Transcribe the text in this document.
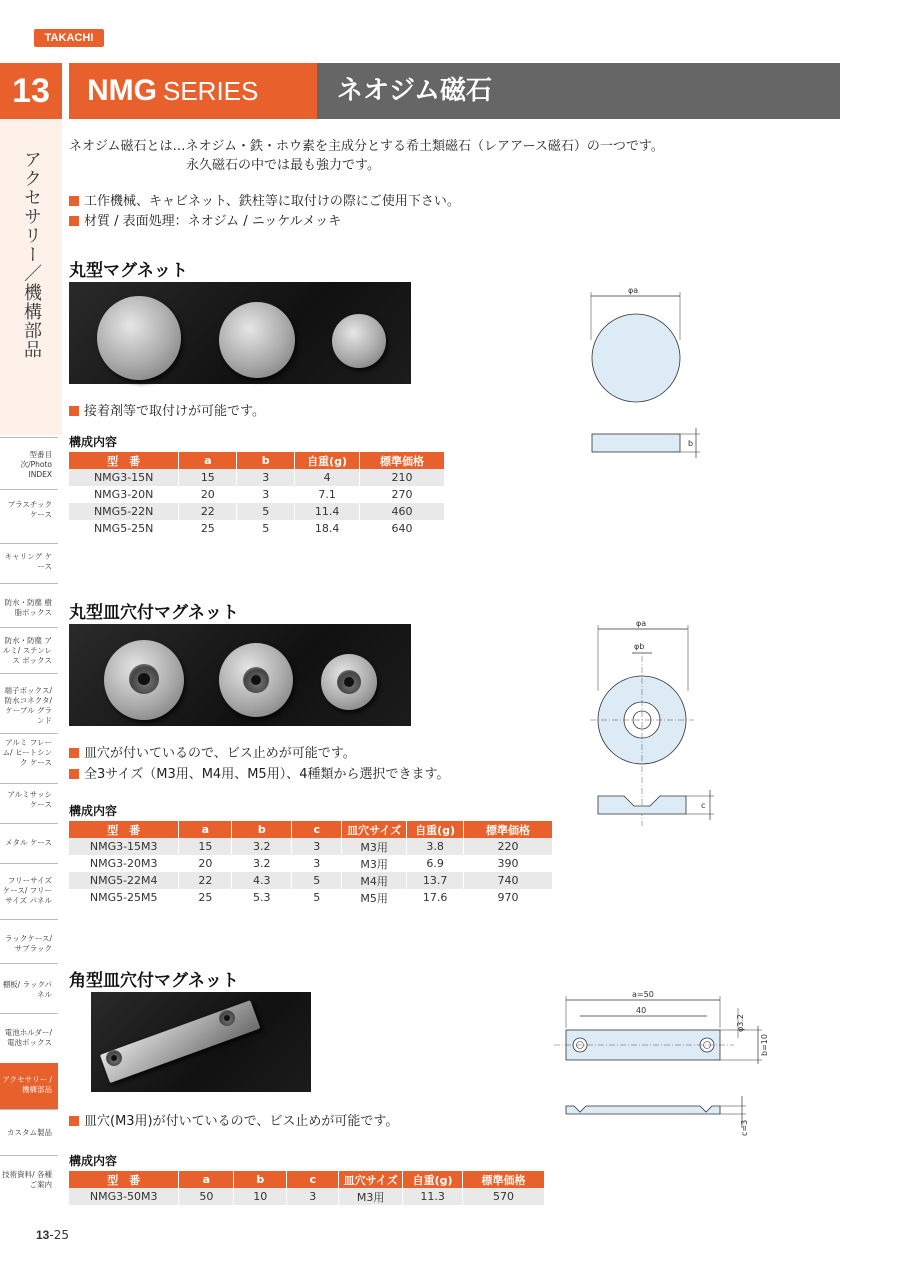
TAKACHI
13
アクセサリー／機構部品
NMG SERIES	ネオジム磁石
ネオジム磁石とは…ネオジム・鉄・ホウ素を主成分とする希土類磁石（レアアース磁石）の一つです。
永久磁石の中では最も強力です。
工作機械、キャビネット、鉄柱等に取付けの際にご使用下さい。
材質 / 表面処理：ネオジム / ニッケルメッキ
丸型マグネット
接着剤等で取付けが可能です。
構成内容
型　番	a	b	自重(g)	標準価格
NMG3-15N	15	3	4	210
NMG3-20N	20	3	7.1	270
NMG5-22N	22	5	11.4	460
NMG5-25N	25	5	18.4	640
φa
b
丸型皿穴付マグネット
皿穴が付いているので、ビス止めが可能です。
全3サイズ（M3用、M4用、M5用）、4種類から選択できます。
構成内容
型　番	a	b	c	皿穴サイズ	自重(g)	標準価格
NMG3-15M3	15	3.2	3	M3用	3.8	220
NMG3-20M3	20	3.2	3	M3用	6.9	390
NMG5-22M4	22	4.3	5	M4用	13.7	740
NMG5-25M5	25	5.3	5	M5用	17.6	970
φa
φb
c
角型皿穴付マグネット
皿穴(M3用)が付いているので、ビス止めが可能です。
構成内容
型　番	a	b	c	皿穴サイズ	自重(g)	標準価格
NMG3-50M3	50	10	3	M3用	11.3	570
a=50
40
b=10
φ3.2
c=3
型番目次/Photo INDEX
プラスチック ケース
キャリング ケース
防水・防塵 樹脂ボックス
防水・防塵 アルミ/ ステンレス ボックス
端子ボックス/ 防水コネクタ/ ケーブル グランド
アルミ フレーム/ ヒートシンク ケース
アルミサッシ ケース
メタル ケース
フリーサイズ ケース/ フリーサイズ パネル
ラックケース/ サブラック
棚板/ ラックパネル
電池ホルダー/ 電池ボックス
アクセサリー /機構部品
カスタム製品
技術資料/ 各種ご案内
13-25
